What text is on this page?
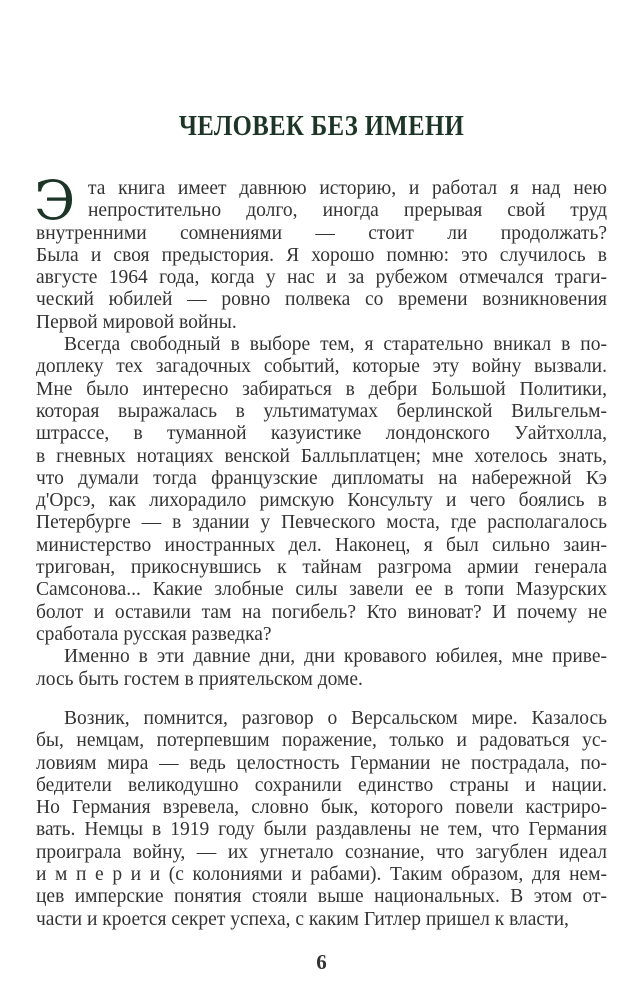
ЧЕЛОВЕК БЕЗ ИМЕНИ
Э та книга имеет давнюю историю, и работал я над нею
непростительно долго, иногда прерывая свой труд
внутренними сомнениями — стоит ли продолжать?
Была и своя предыстория. Я хорошо помню: это случилось в
августе 1964 года, когда у нас и за рубежом отмечался траги-
ческий юбилей — ровно полвека со времени возникновения
Первой мировой войны.
Всегда свободный в выборе тем, я старательно вникал в по-
доплеку тех загадочных событий, которые эту войну вызвали.
Мне было интересно забираться в дебри Большой Политики,
которая выражалась в ультиматумах берлинской Вильгельм-
штрассе, в туманной казуистике лондонского Уайтхолла,
в гневных нотациях венской Балльплатцен; мне хотелось знать,
что думали тогда французские дипломаты на набережной Кэ
д'Орсэ, как лихорадило римскую Консульту и чего боялись в
Петербурге — в здании у Певческого моста, где располагалось
министерство иностранных дел. Наконец, я был сильно заин-
тригован, прикоснувшись к тайнам разгрома армии генерала
Самсонова... Какие злобные силы завели ее в топи Мазурских
болот и оставили там на погибель? Кто виноват? И почему не
сработала русская разведка?
Именно в эти давние дни, дни кровавого юбилея, мне приве-
лось быть гостем в приятельском доме.
Возник, помнится, разговор о Версальском мире. Казалось
бы, немцам, потерпевшим поражение, только и радоваться ус-
ловиям мира — ведь целостность Германии не пострадала, по-
бедители великодушно сохранили единство страны и нации.
Но Германия взревела, словно бык, которого повели кастриро-
вать. Немцы в 1919 году были раздавлены не тем, что Германия
проиграла войну, — их угнетало сознание, что загублен идеал
и м п е р и и (с колониями и рабами). Таким образом, для нем-
цев имперские понятия стояли выше национальных. В этом от-
части и кроется секрет успеха, с каким Гитлер пришел к власти,
6
